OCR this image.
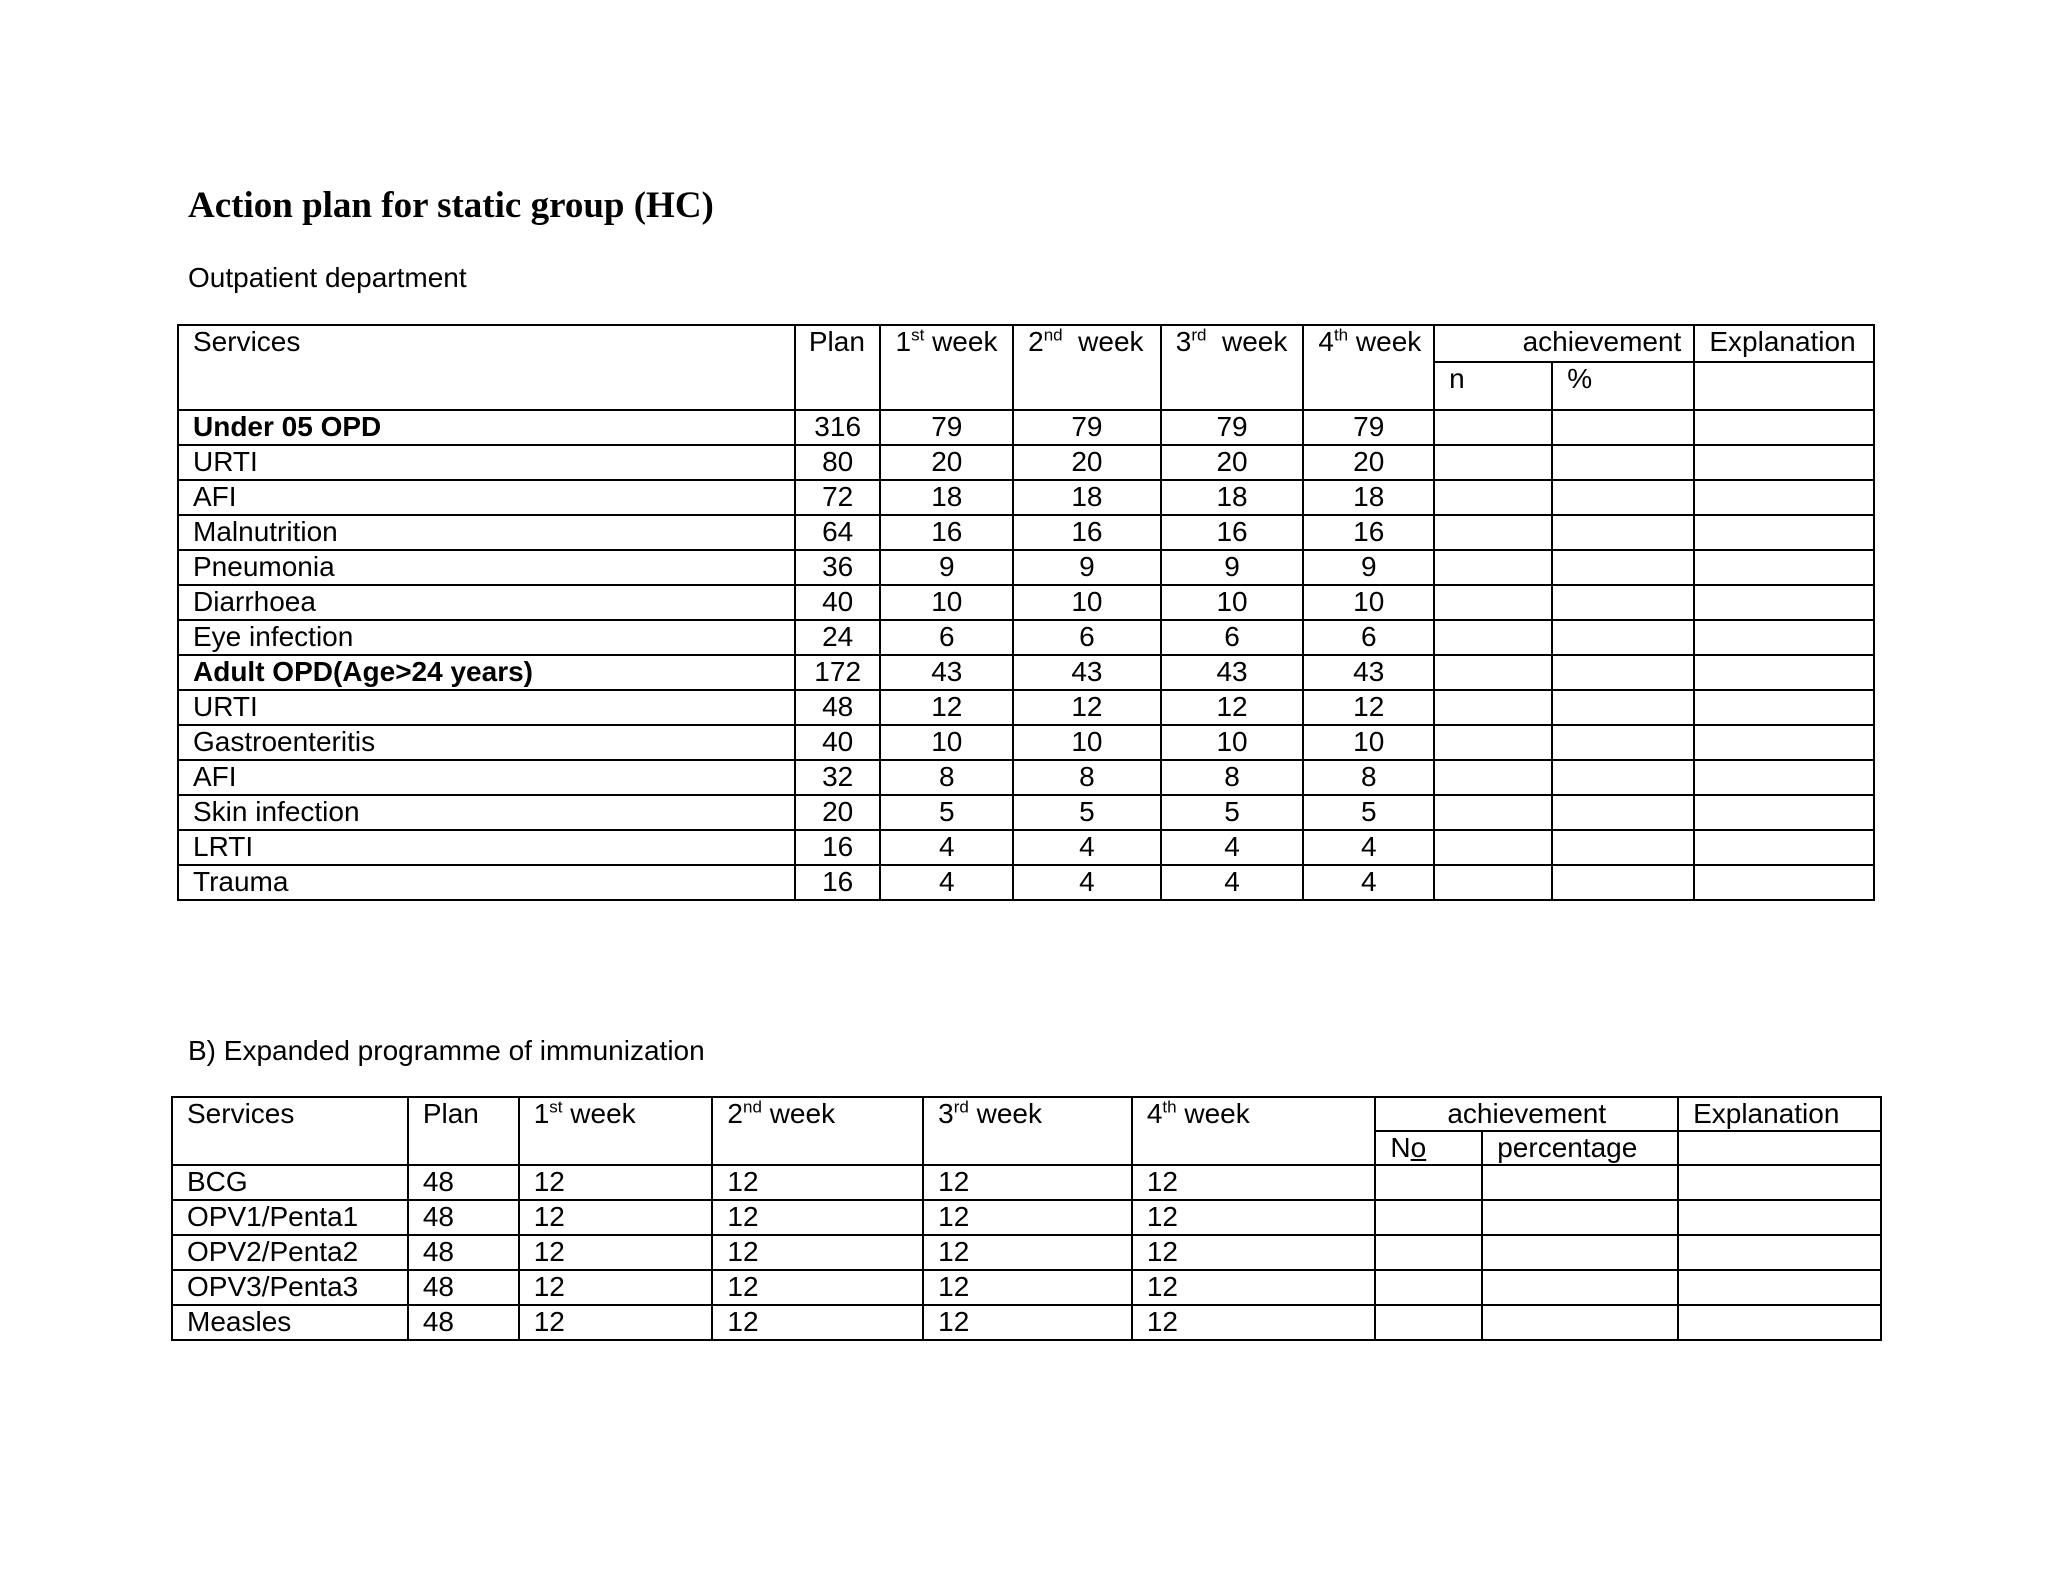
Action plan for static group (HC)

Outpatient department

Services	Plan	1st week	2nd  week	3rd  week	4th week	achievement		Explanation
						n	%	
Under 05 OPD	316	79	79	79	79			
URTI	80	20	20	20	20			
AFI	72	18	18	18	18			
Malnutrition	64	16	16	16	16			
Pneumonia	36	9	9	9	9			
Diarrhoea	40	10	10	10	10			
Eye infection	24	6	6	6	6			
Adult OPD(Age>24 years)	172	43	43	43	43			
URTI	48	12	12	12	12			
Gastroenteritis	40	10	10	10	10			
AFI	32	8	8	8	8			
Skin infection	20	5	5	5	5			
LRTI	16	4	4	4	4			
Trauma	16	4	4	4	4			

B) Expanded programme of immunization

Services	Plan	1st week	2nd week	3rd week	4th week	achievement		Explanation
						No	percentage	
BCG	48	12	12	12	12			
OPV1/Penta1	48	12	12	12	12			
OPV2/Penta2	48	12	12	12	12			
OPV3/Penta3	48	12	12	12	12			
Measles	48	12	12	12	12			
